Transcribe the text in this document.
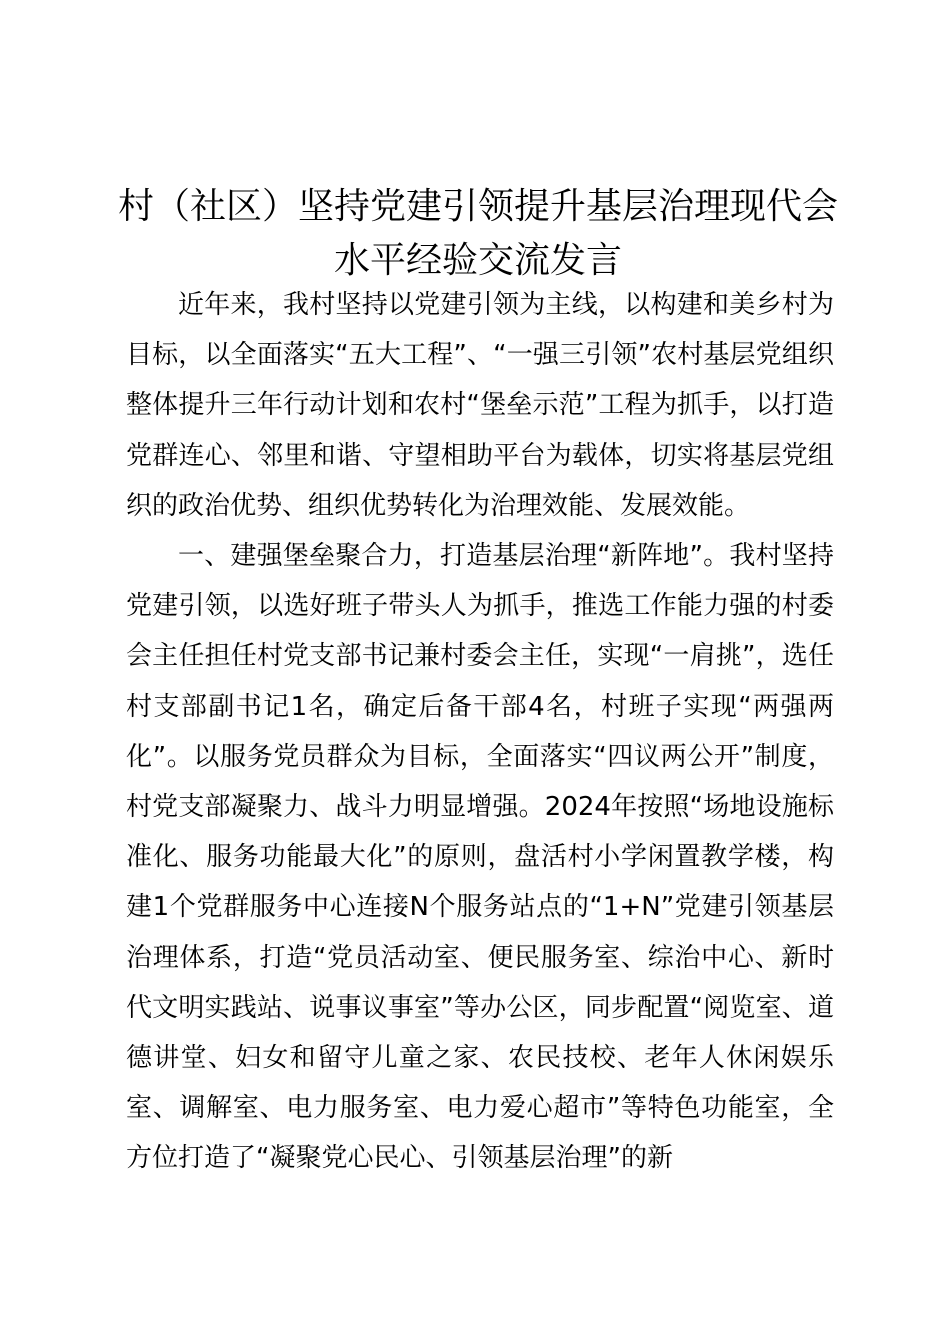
村（社区）坚持党建引领提升基层治理现代会水平经验交流发言

近年来，我村坚持以党建引领为主线，以构建和美乡村为目标，以全面落实“五大工程”、“一强三引领”农村基层党组织整体提升三年行动计划和农村“堡垒示范”工程为抓手，以打造党群连心、邻里和谐、守望相助平台为载体，切实将基层党组织的政治优势、组织优势转化为治理效能、发展效能。

一、建强堡垒聚合力，打造基层治理“新阵地”。我村坚持党建引领，以选好班子带头人为抓手，推选工作能力强的村委会主任担任村党支部书记兼村委会主任，实现“一肩挑”，选任村支部副书记1名，确定后备干部4名，村班子实现“两强两化”。以服务党员群众为目标，全面落实“四议两公开”制度，村党支部凝聚力、战斗力明显增强。2024年按照“场地设施标准化、服务功能最大化”的原则，盘活村小学闲置教学楼，构建1个党群服务中心连接N个服务站点的“1+N”党建引领基层治理体系，打造“党员活动室、便民服务室、综治中心、新时代文明实践站、说事议事室”等办公区，同步配置“阅览室、道德讲堂、妇女和留守儿童之家、农民技校、老年人休闲娱乐室、调解室、电力服务室、电力爱心超市”等特色功能室，全方位打造了“凝聚党心民心、引领基层治理”的新
